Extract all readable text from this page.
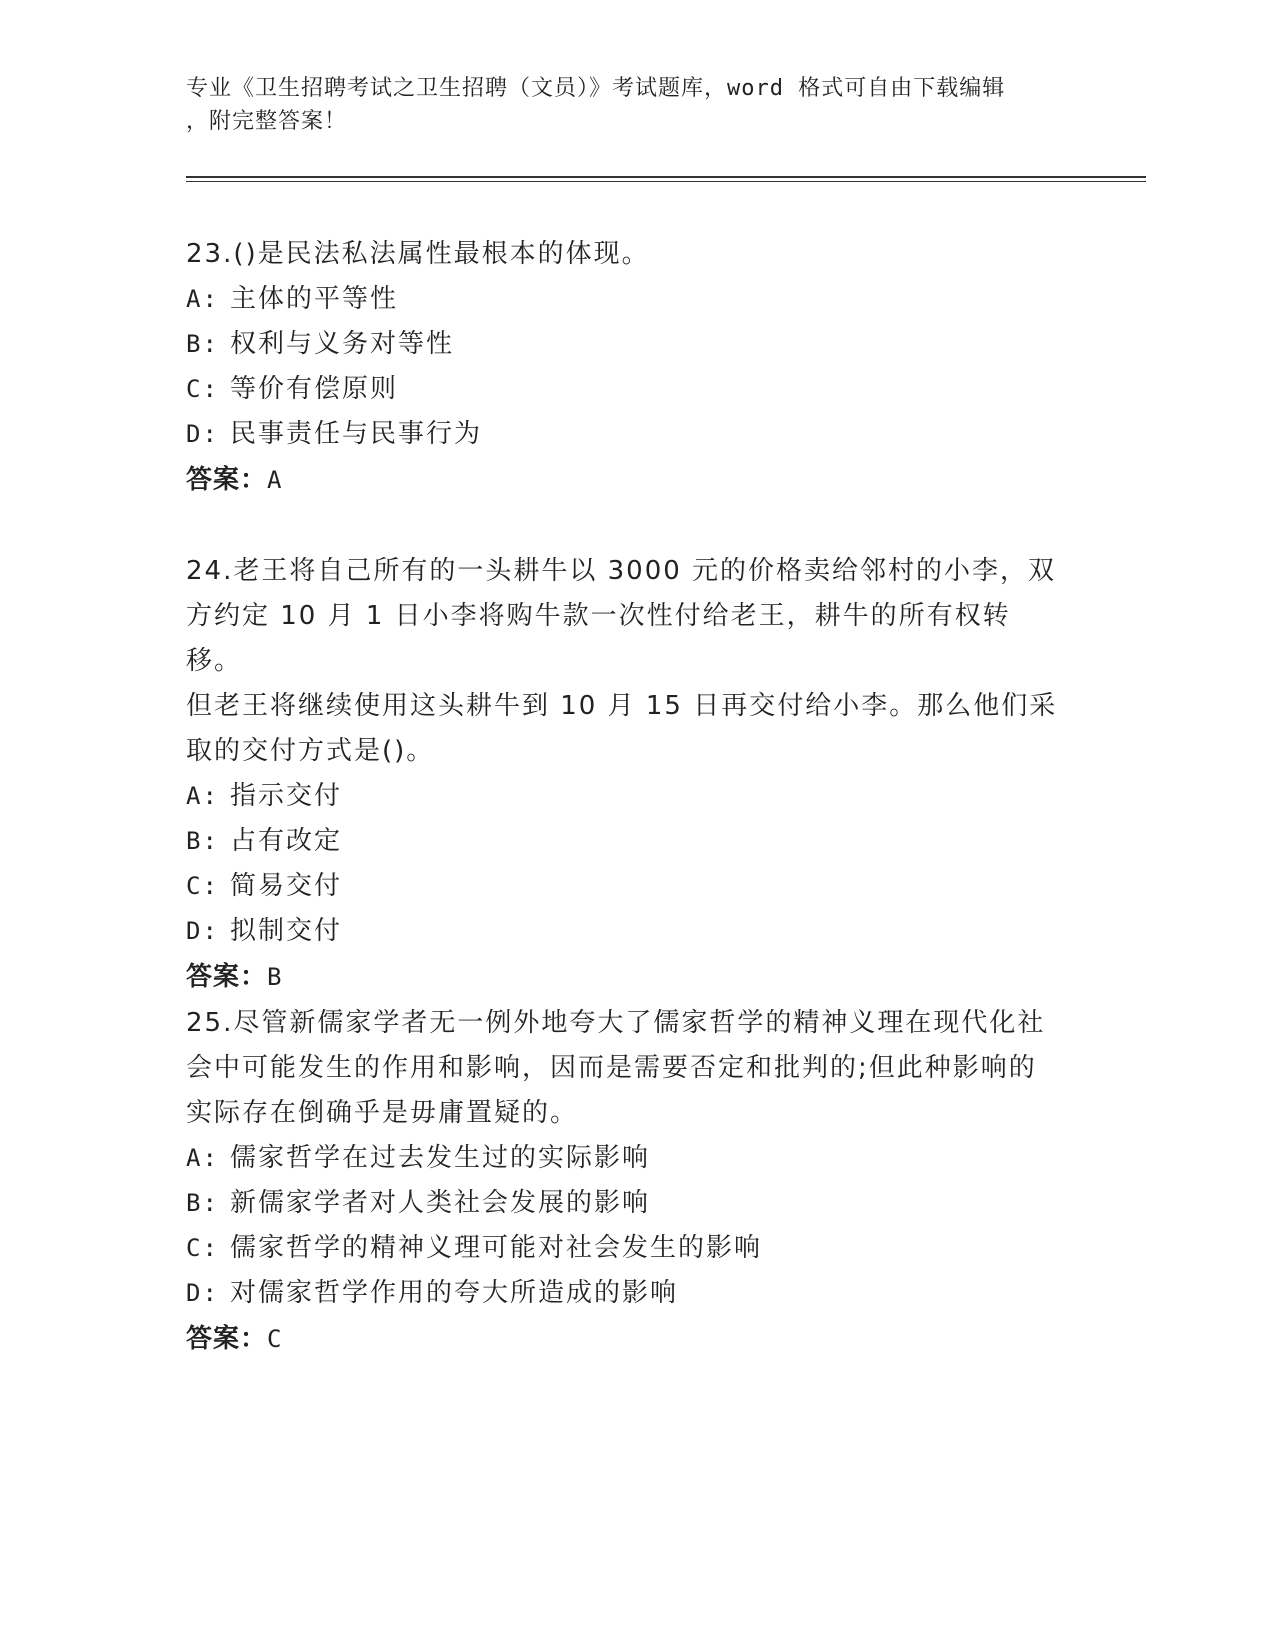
专业《卫生招聘考试之卫生招聘（文员）》考试题库，word 格式可自由下载编辑
，附完整答案！

23.()是民法私法属性最根本的体现。

A: 主体的平等性

B: 权利与义务对等性

C: 等价有偿原则

D: 民事责任与民事行为

答案：A

24.老王将自己所有的一头耕牛以 3000 元的价格卖给邻村的小李，双

方约定 10 月 1 日小李将购牛款一次性付给老王，耕牛的所有权转移。

但老王将继续使用这头耕牛到 10 月 15 日再交付给小李。那么他们采

取的交付方式是()。

A: 指示交付

B: 占有改定

C: 简易交付

D: 拟制交付

答案：B

25.尽管新儒家学者无一例外地夸大了儒家哲学的精神义理在现代化社

会中可能发生的作用和影响，因而是需要否定和批判的;但此种影响的

实际存在倒确乎是毋庸置疑的。

A: 儒家哲学在过去发生过的实际影响

B: 新儒家学者对人类社会发展的影响

C: 儒家哲学的精神义理可能对社会发生的影响

D: 对儒家哲学作用的夸大所造成的影响

答案：C
